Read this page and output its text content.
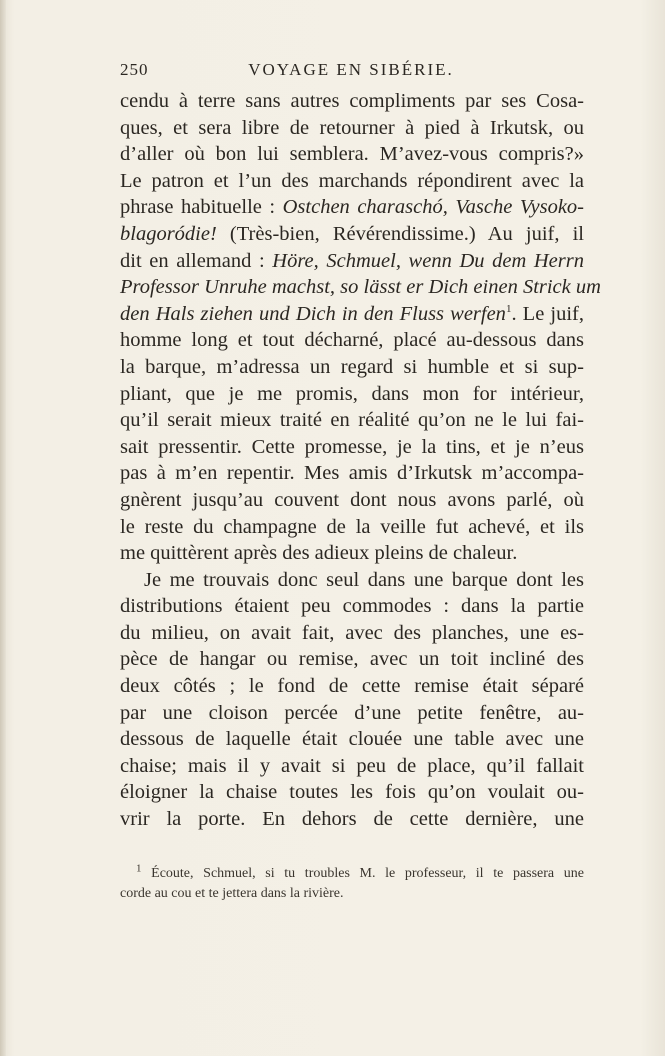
250	VOYAGE EN SIBÉRIE.
cendu à terre sans autres compliments par ses Cosa-
ques, et sera libre de retourner à pied à Irkutsk, ou
d’aller où bon lui semblera. M’avez-vous compris?»
Le patron et l’un des marchands répondirent avec la
phrase habituelle : Ostchen charaschó, Vasche Vysoko-
blagoródie! (Très-bien, Révérendissime.) Au juif, il
dit en allemand : Höre, Schmuel, wenn Du dem Herrn
Professor Unruhe machst, so lässt er Dich einen Strick um
den Hals ziehen und Dich in den Fluss werfen$^1$. Le juif,
homme long et tout décharné, placé au-dessous dans
la barque, m’adressa un regard si humble et si sup-
pliant, que je me promis, dans mon for intérieur,
qu’il serait mieux traité en réalité qu’on ne le lui fai-
sait pressentir. Cette promesse, je la tins, et je n’eus
pas à m’en repentir. Mes amis d’Irkutsk m’accompa-
gnèrent jusqu’au couvent dont nous avons parlé, où
le reste du champagne de la veille fut achevé, et ils
me quittèrent après des adieux pleins de chaleur.
Je me trouvais donc seul dans une barque dont les
distributions étaient peu commodes : dans la partie
du milieu, on avait fait, avec des planches, une es-
pèce de hangar ou remise, avec un toit incliné des
deux côtés ; le fond de cette remise était séparé
par une cloison percée d’une petite fenêtre, au-
dessous de laquelle était clouée une table avec une
chaise; mais il y avait si peu de place, qu’il fallait
éloigner la chaise toutes les fois qu’on voulait ou-
vrir la porte. En dehors de cette dernière, une
$^1$ Écoute, Schmuel, si tu troubles M. le professeur, il te passera une
corde au cou et te jettera dans la rivière.
